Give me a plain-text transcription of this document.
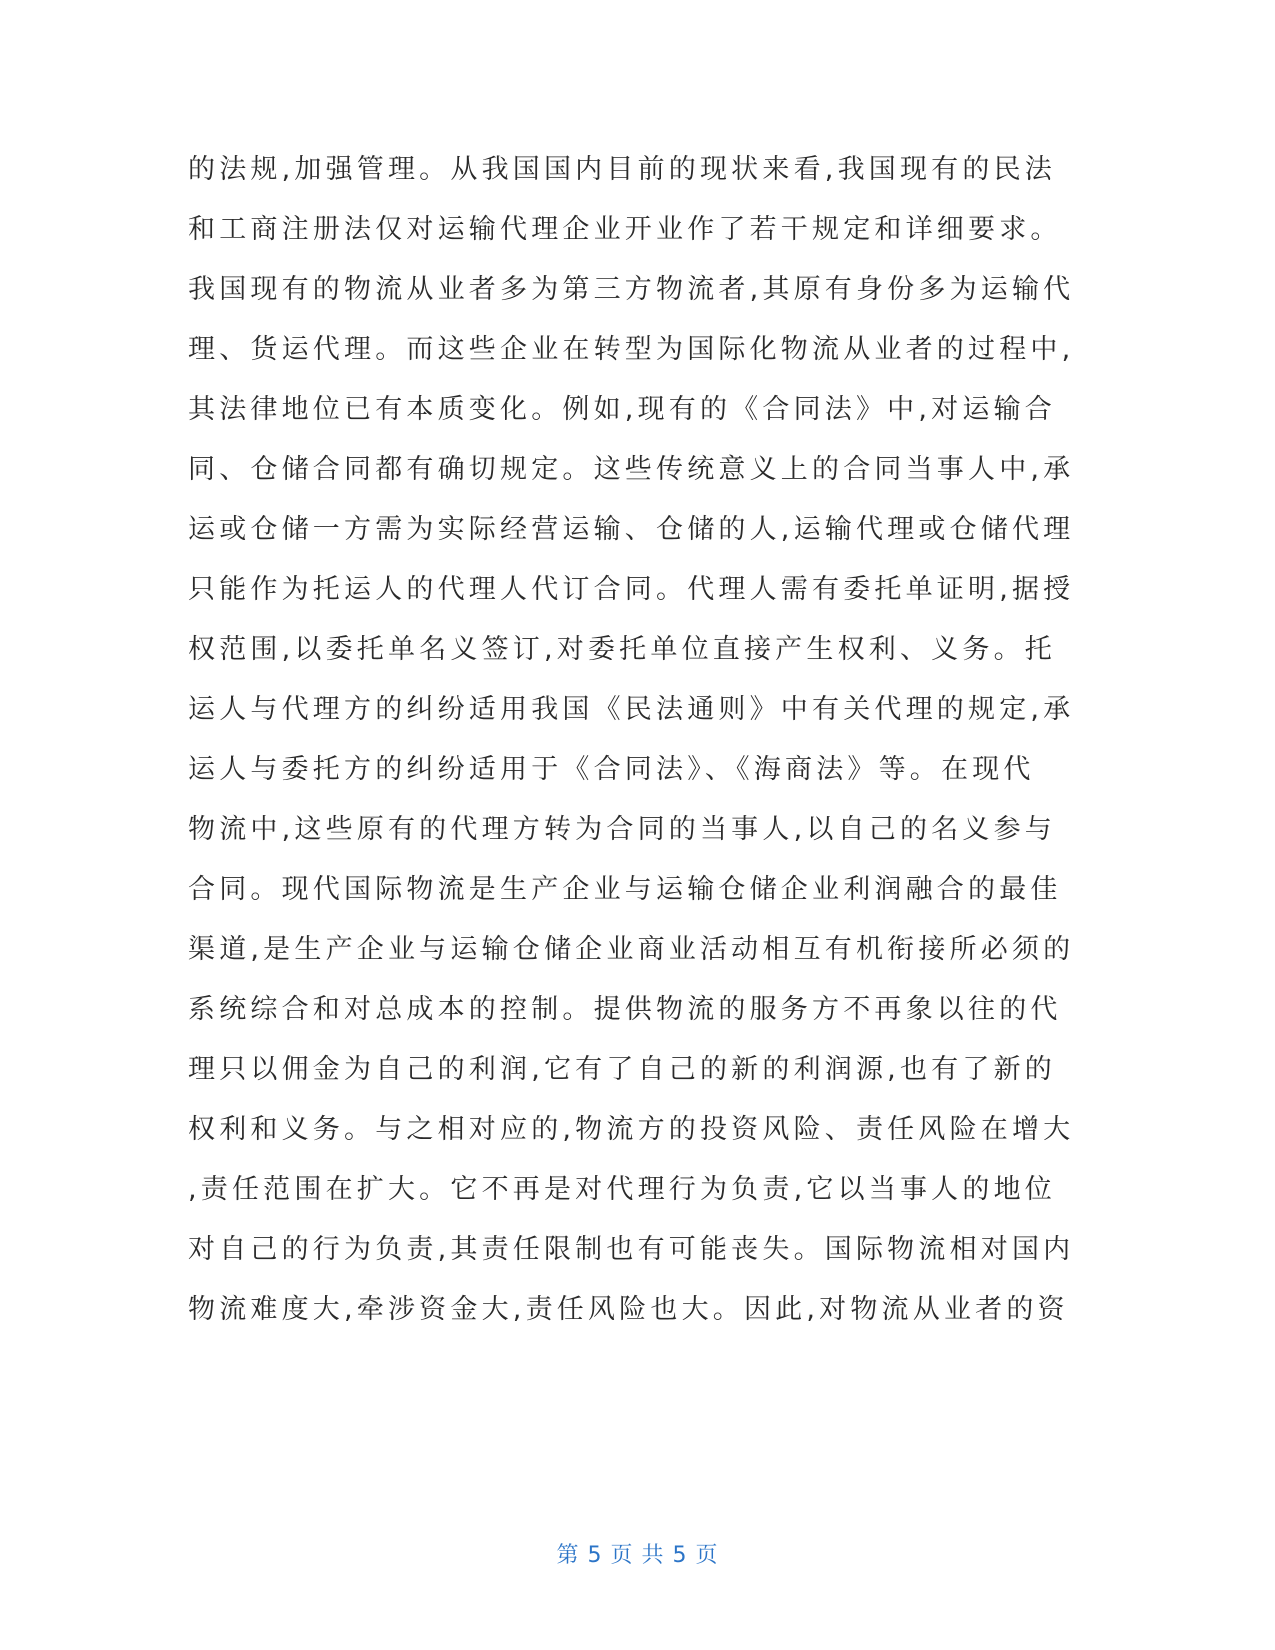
的法规,加强管理。从我国国内目前的现状来看,我国现有的民法
和工商注册法仅对运输代理企业开业作了若干规定和详细要求。
我国现有的物流从业者多为第三方物流者,其原有身份多为运输代
理、货运代理。而这些企业在转型为国际化物流从业者的过程中,
其法律地位已有本质变化。例如,现有的《合同法》中,对运输合
同、仓储合同都有确切规定。这些传统意义上的合同当事人中,承
运或仓储一方需为实际经营运输、仓储的人,运输代理或仓储代理
只能作为托运人的代理人代订合同。代理人需有委托单证明,据授
权范围,以委托单名义签订,对委托单位直接产生权利、义务。托
运人与代理方的纠纷适用我国《民法通则》中有关代理的规定,承
运人与委托方的纠纷适用于《合同法》、《海商法》等。在现代
物流中,这些原有的代理方转为合同的当事人,以自己的名义参与
合同。现代国际物流是生产企业与运输仓储企业利润融合的最佳
渠道,是生产企业与运输仓储企业商业活动相互有机衔接所必须的
系统综合和对总成本的控制。提供物流的服务方不再象以往的代
理只以佣金为自己的利润,它有了自己的新的利润源,也有了新的
权利和义务。与之相对应的,物流方的投资风险、责任风险在增大
,责任范围在扩大。它不再是对代理行为负责,它以当事人的地位
对自己的行为负责,其责任限制也有可能丧失。国际物流相对国内
物流难度大,牵涉资金大,责任风险也大。因此,对物流从业者的资
第 5 页 共 5 页
